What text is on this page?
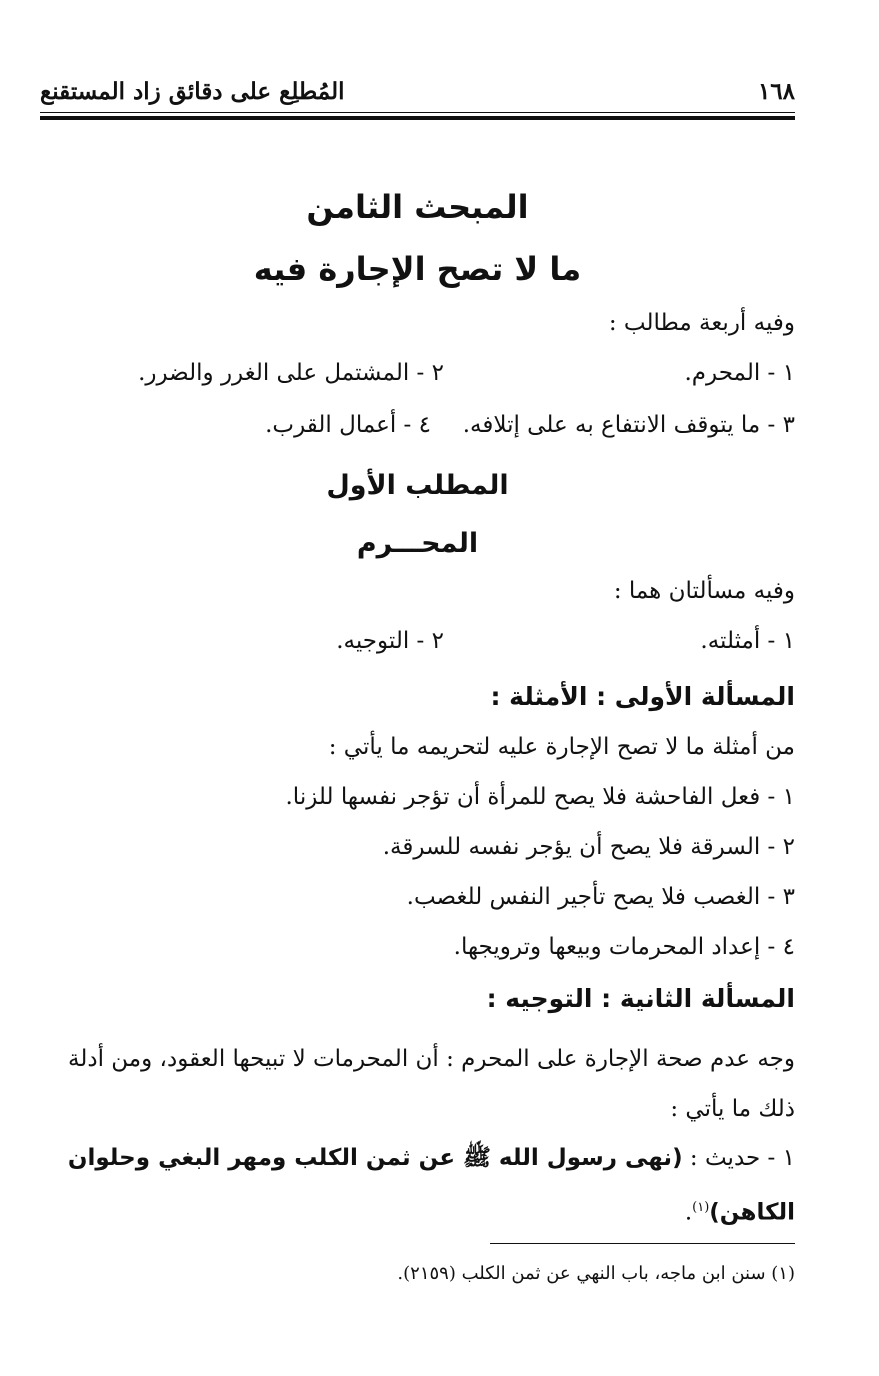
١٦٨
المُطلِع على دقائق زاد المستقنع
المبحث الثامن
ما لا تصح الإجارة فيه
وفيه أربعة مطالب :
١ - المحرم.
٢ - المشتمل على الغرر والضرر.
٣ - ما يتوقف الانتفاع به على إتلافه.
٤ - أعمال القرب.
المطلب الأول
المحـــرم
وفيه مسألتان هما :
١ - أمثلته.
٢ - التوجيه.
المسألة الأولى : الأمثلة :
من أمثلة ما لا تصح الإجارة عليه لتحريمه ما يأتي :
١ - فعل الفاحشة فلا يصح للمرأة أن تؤجر نفسها للزنا.
٢ - السرقة فلا يصح أن يؤجر نفسه للسرقة.
٣ - الغصب فلا يصح تأجير النفس للغصب.
٤ - إعداد المحرمات وبيعها وترويجها.
المسألة الثانية : التوجيه :
وجه عدم صحة الإجارة على المحرم : أن المحرمات لا تبيحها العقود، ومن أدلة ذلك ما يأتي :
١ - حديث : (نهى رسول الله ﷺ عن ثمن الكلب ومهر البغي وحلوان الكاهن)$^{(١)}$.
(١) سنن ابن ماجه، باب النهي عن ثمن الكلب (٢١٥٩).
